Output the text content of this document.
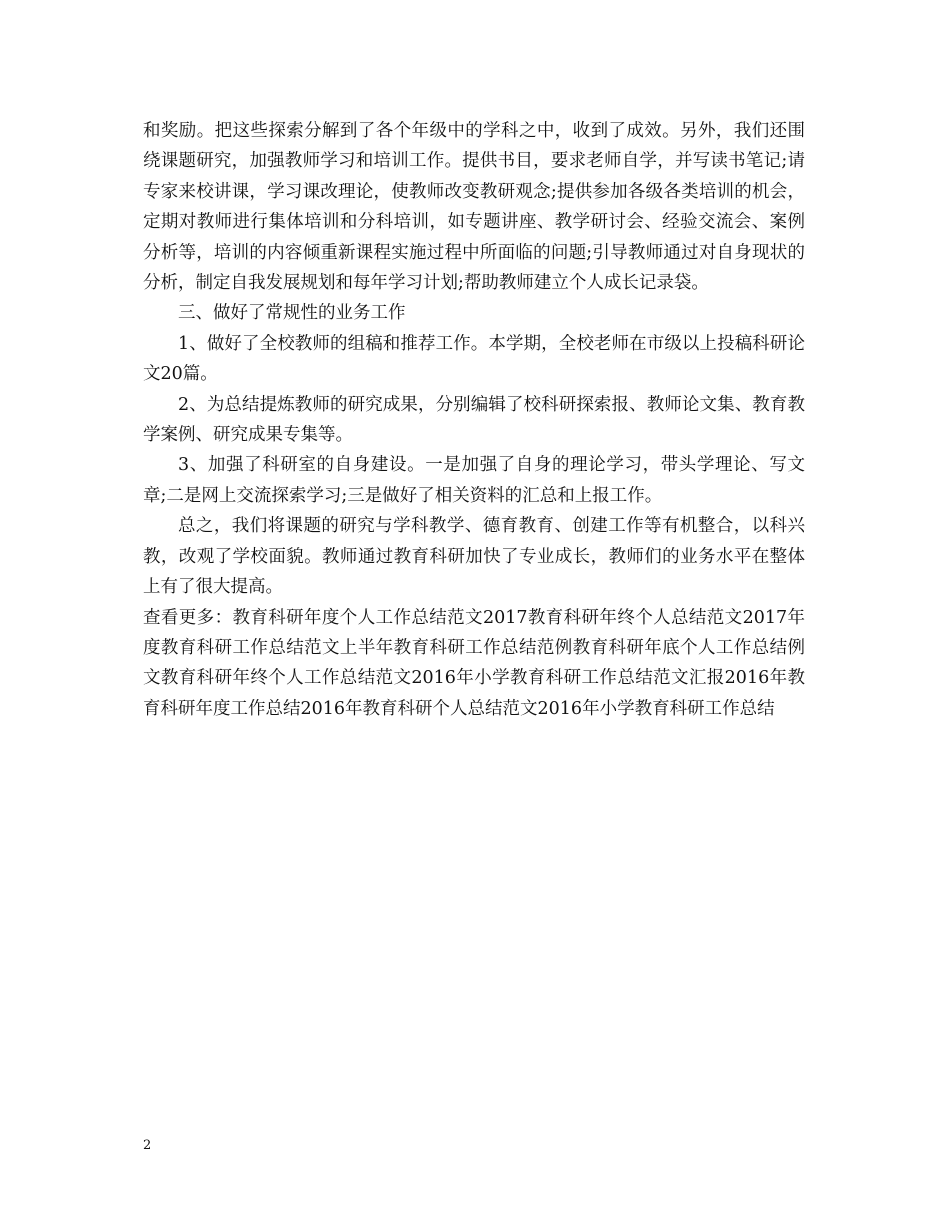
和奖励。把这些探索分解到了各个年级中的学科之中，收到了成效。另外，我们还围绕课题研究，加强教师学习和培训工作。提供书目，要求老师自学，并写读书笔记;请专家来校讲课，学习课改理论，使教师改变教研观念;提供参加各级各类培训的机会，定期对教师进行集体培训和分科培训，如专题讲座、教学研讨会、经验交流会、案例分析等，培训的内容倾重新课程实施过程中所面临的问题;引导教师通过对自身现状的分析，制定自我发展规划和每年学习计划;帮助教师建立个人成长记录袋。

三、做好了常规性的业务工作

1、做好了全校教师的组稿和推荐工作。本学期，全校老师在市级以上投稿科研论文20篇。

2、为总结提炼教师的研究成果，分别编辑了校科研探索报、教师论文集、教育教学案例、研究成果专集等。

3、加强了科研室的自身建设。一是加强了自身的理论学习，带头学理论、写文章;二是网上交流探索学习;三是做好了相关资料的汇总和上报工作。

总之，我们将课题的研究与学科教学、德育教育、创建工作等有机整合，以科兴教，改观了学校面貌。教师通过教育科研加快了专业成长，教师们的业务水平在整体上有了很大提高。

查看更多：教育科研年度个人工作总结范文2017教育科研年终个人总结范文2017年度教育科研工作总结范文上半年教育科研工作总结范例教育科研年底个人工作总结例文教育科研年终个人工作总结范文2016年小学教育科研工作总结范文汇报2016年教育科研年度工作总结2016年教育科研个人总结范文2016年小学教育科研工作总结

2
